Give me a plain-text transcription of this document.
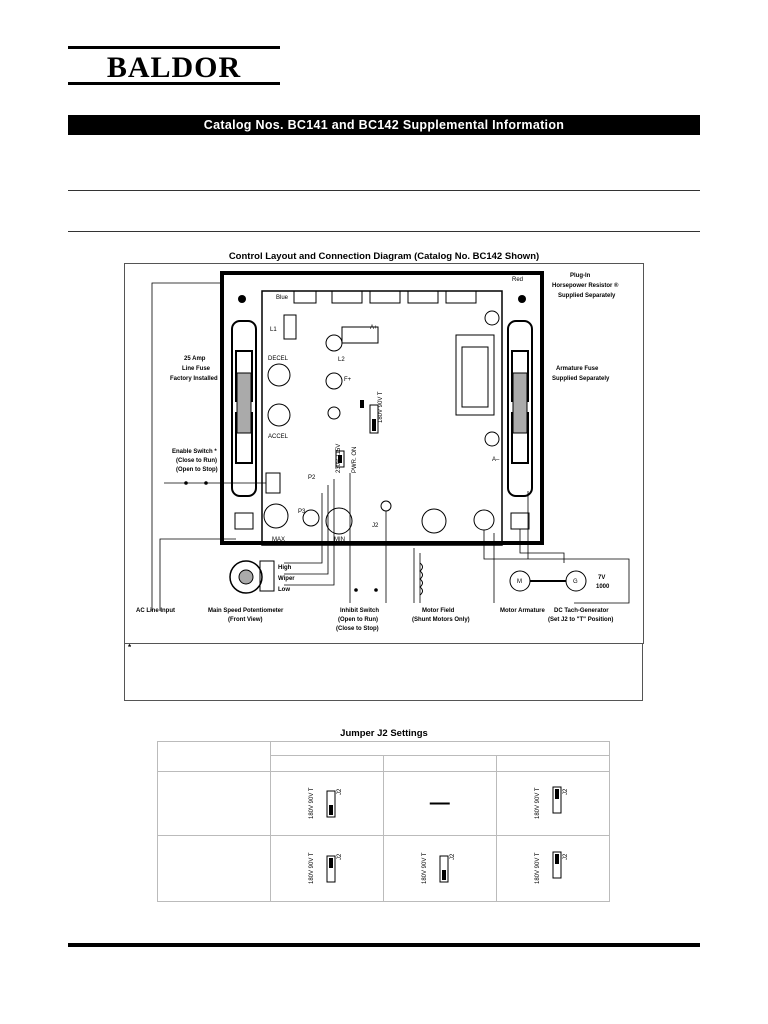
BALDOR
Catalog Nos. BC141 and BC142 Supplemental Information
Control Layout and Connection Diagram (Catalog No. BC142 Shown)
Red
Blue
Plug-In
Horsepower Resistor ®
Supplied Separately
25 Amp
Line Fuse
Factory Installed
Armature Fuse
Supplied Separately
Enable Switch *
(Close to Run)
(Open to Stop)
L1
L2
A+
A–
F+
DECEL
ACCEL
MAX	MIN
P2
P3
J2
180V 90V T
230V 115V PWR. ON
High
Wiper
Low
AC Line Input	Main Speed Potentiometer
(Front View)
Inhibit Switch
(Open to Run)
(Close to Stop)
Motor Field
(Shunt Motors Only)
Motor Armature DC Tach-Generator
(Set J2 to "T" Position)
7V
1000
M	G
*
Jumper J2 Settings

180V 90V T J2	—	180V 90V T J2

180V 90V T J2	180V 90V T J2	180V 90V T J2
